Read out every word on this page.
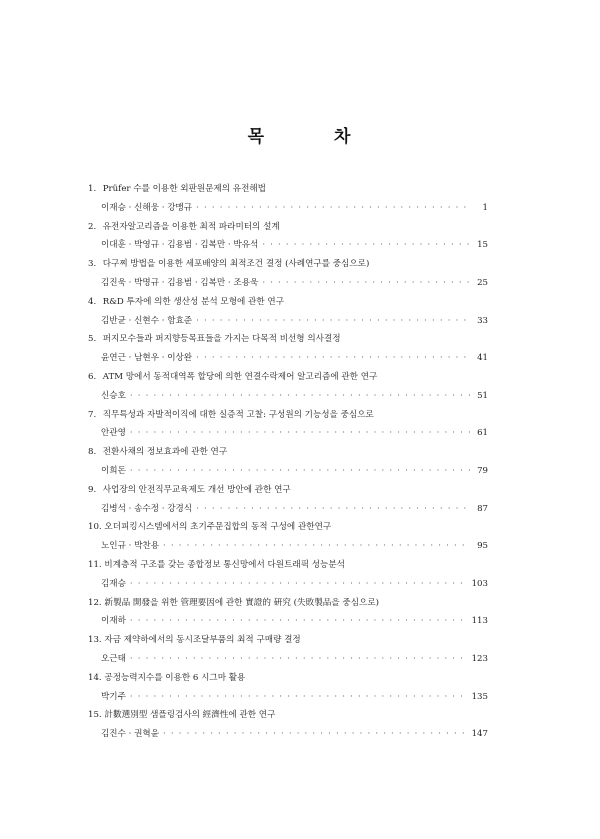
목	차
1. Prüfer 수를 이용한 외판원문제의 유전해법
이재승 · 신해웅 · 강맹규 · · ·	1
2. 유전자알고리즘을 이용한 최적 파라미터의 설계
이대훈 · 박영규 · 김용범 · 김복만 · 박유석 · · ·	15
3. 다구찌 방법을 이용한 세포배양의 최적조건 결정 (사례연구를 중심으로)
김진욱 · 박명규 · 김용범 · 김복만 · 조용욱 · · ·	25
4. R&D 투자에 의한 생산성 분석 모형에 관한 연구
김반균 · 신현수 · 함효준 · · ·	33
5. 퍼지모수들과 퍼지향등목표들을 가지는 다목적 비선형 의사결정
윤연근 · 남현우 · 이상완 · · ·	41
6. ATM 망에서 동적대역폭 할당에 의한 연결수락제어 알고리즘에 관한 연구
신승호 · · ·	51
7. 직무특성과 자발적이직에 대한 실증적 고찰: 구성원의 기능성을 중심으로
안관영 · · ·	61
8. 전환사채의 정보효과에 관한 연구
이희돈 · · ·	79
9. 사업장의 안전직무교육제도 개선 방안에 관한 연구
김병석 · 송수정 · 강경식 · · ·	87
10. 오더피킹시스템에서의 초기주문집합의 동적 구성에 관한연구
노인규 · 박찬용 · · ·	95
11. 비계층적 구조를 갖는 종합정보 통신망에서 다원트래픽 성능분석
김재승 · · ·	103
12. 新製品 開發을 위한 管理要因에 관한 實證的 硏究 (失敗製品을 중심으로)
이재하 · · ·	113
13. 자금 제약하에서의 동시조달부품의 최적 구매량 결정
오근태 · · ·	123
14. 공정능력지수를 이용한 6 시그마 활용
박기주 · · ·	135
15. 計數選別型 샘플링검사의 經濟性에 관한 연구
김진수 · 권혁윤 · · ·	147
